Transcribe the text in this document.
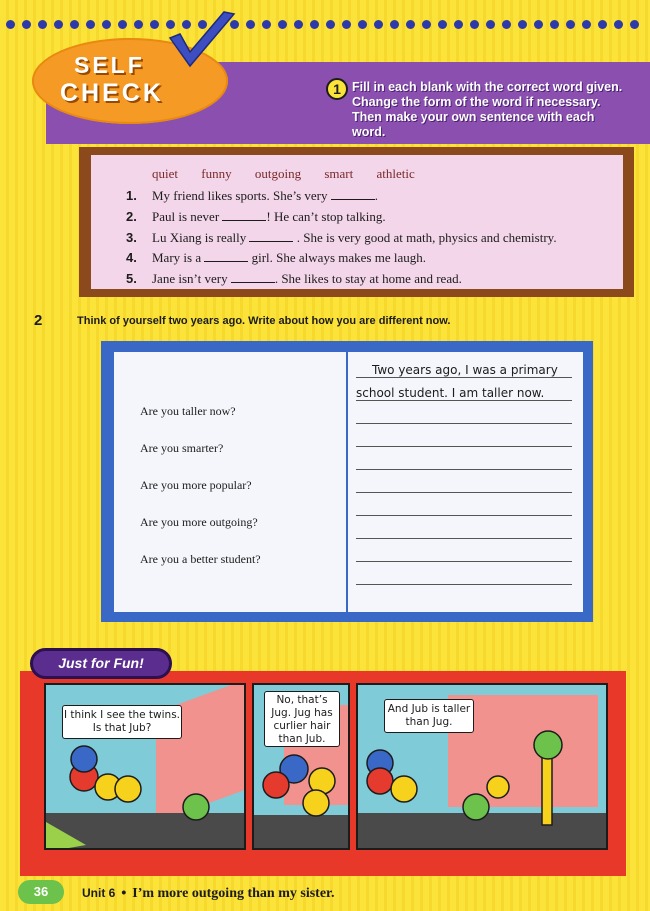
SELF
CHECK	1 Fill in each blank with the correct word given. Change the form of the word if necessary. Then make your own sentence with each word.
quiet funny outgoing smart athletic
1. My friend likes sports. She’s very	.
2. Paul is never	! He can’t stop talking.
3. Lu Xiang is really	. She is very good at math, physics and chemistry.
4. Mary is a	girl. She always makes me laugh.
5. Jane isn’t very	. She likes to stay at home and read.
2	Think of yourself two years ago. Write about how you are different now.
Are you taller now?
Are you smarter?
Are you more popular?
Are you more outgoing?
Are you a better student?
Two years ago, I was a primary
school student. I am taller now.
Just for Fun!
I think I see the twins. Is that Jub?
No, that’s Jug. Jug has curlier hair than Jub.
And Jub is taller than Jug.
36	Unit 6 • I’m more outgoing than my sister.
